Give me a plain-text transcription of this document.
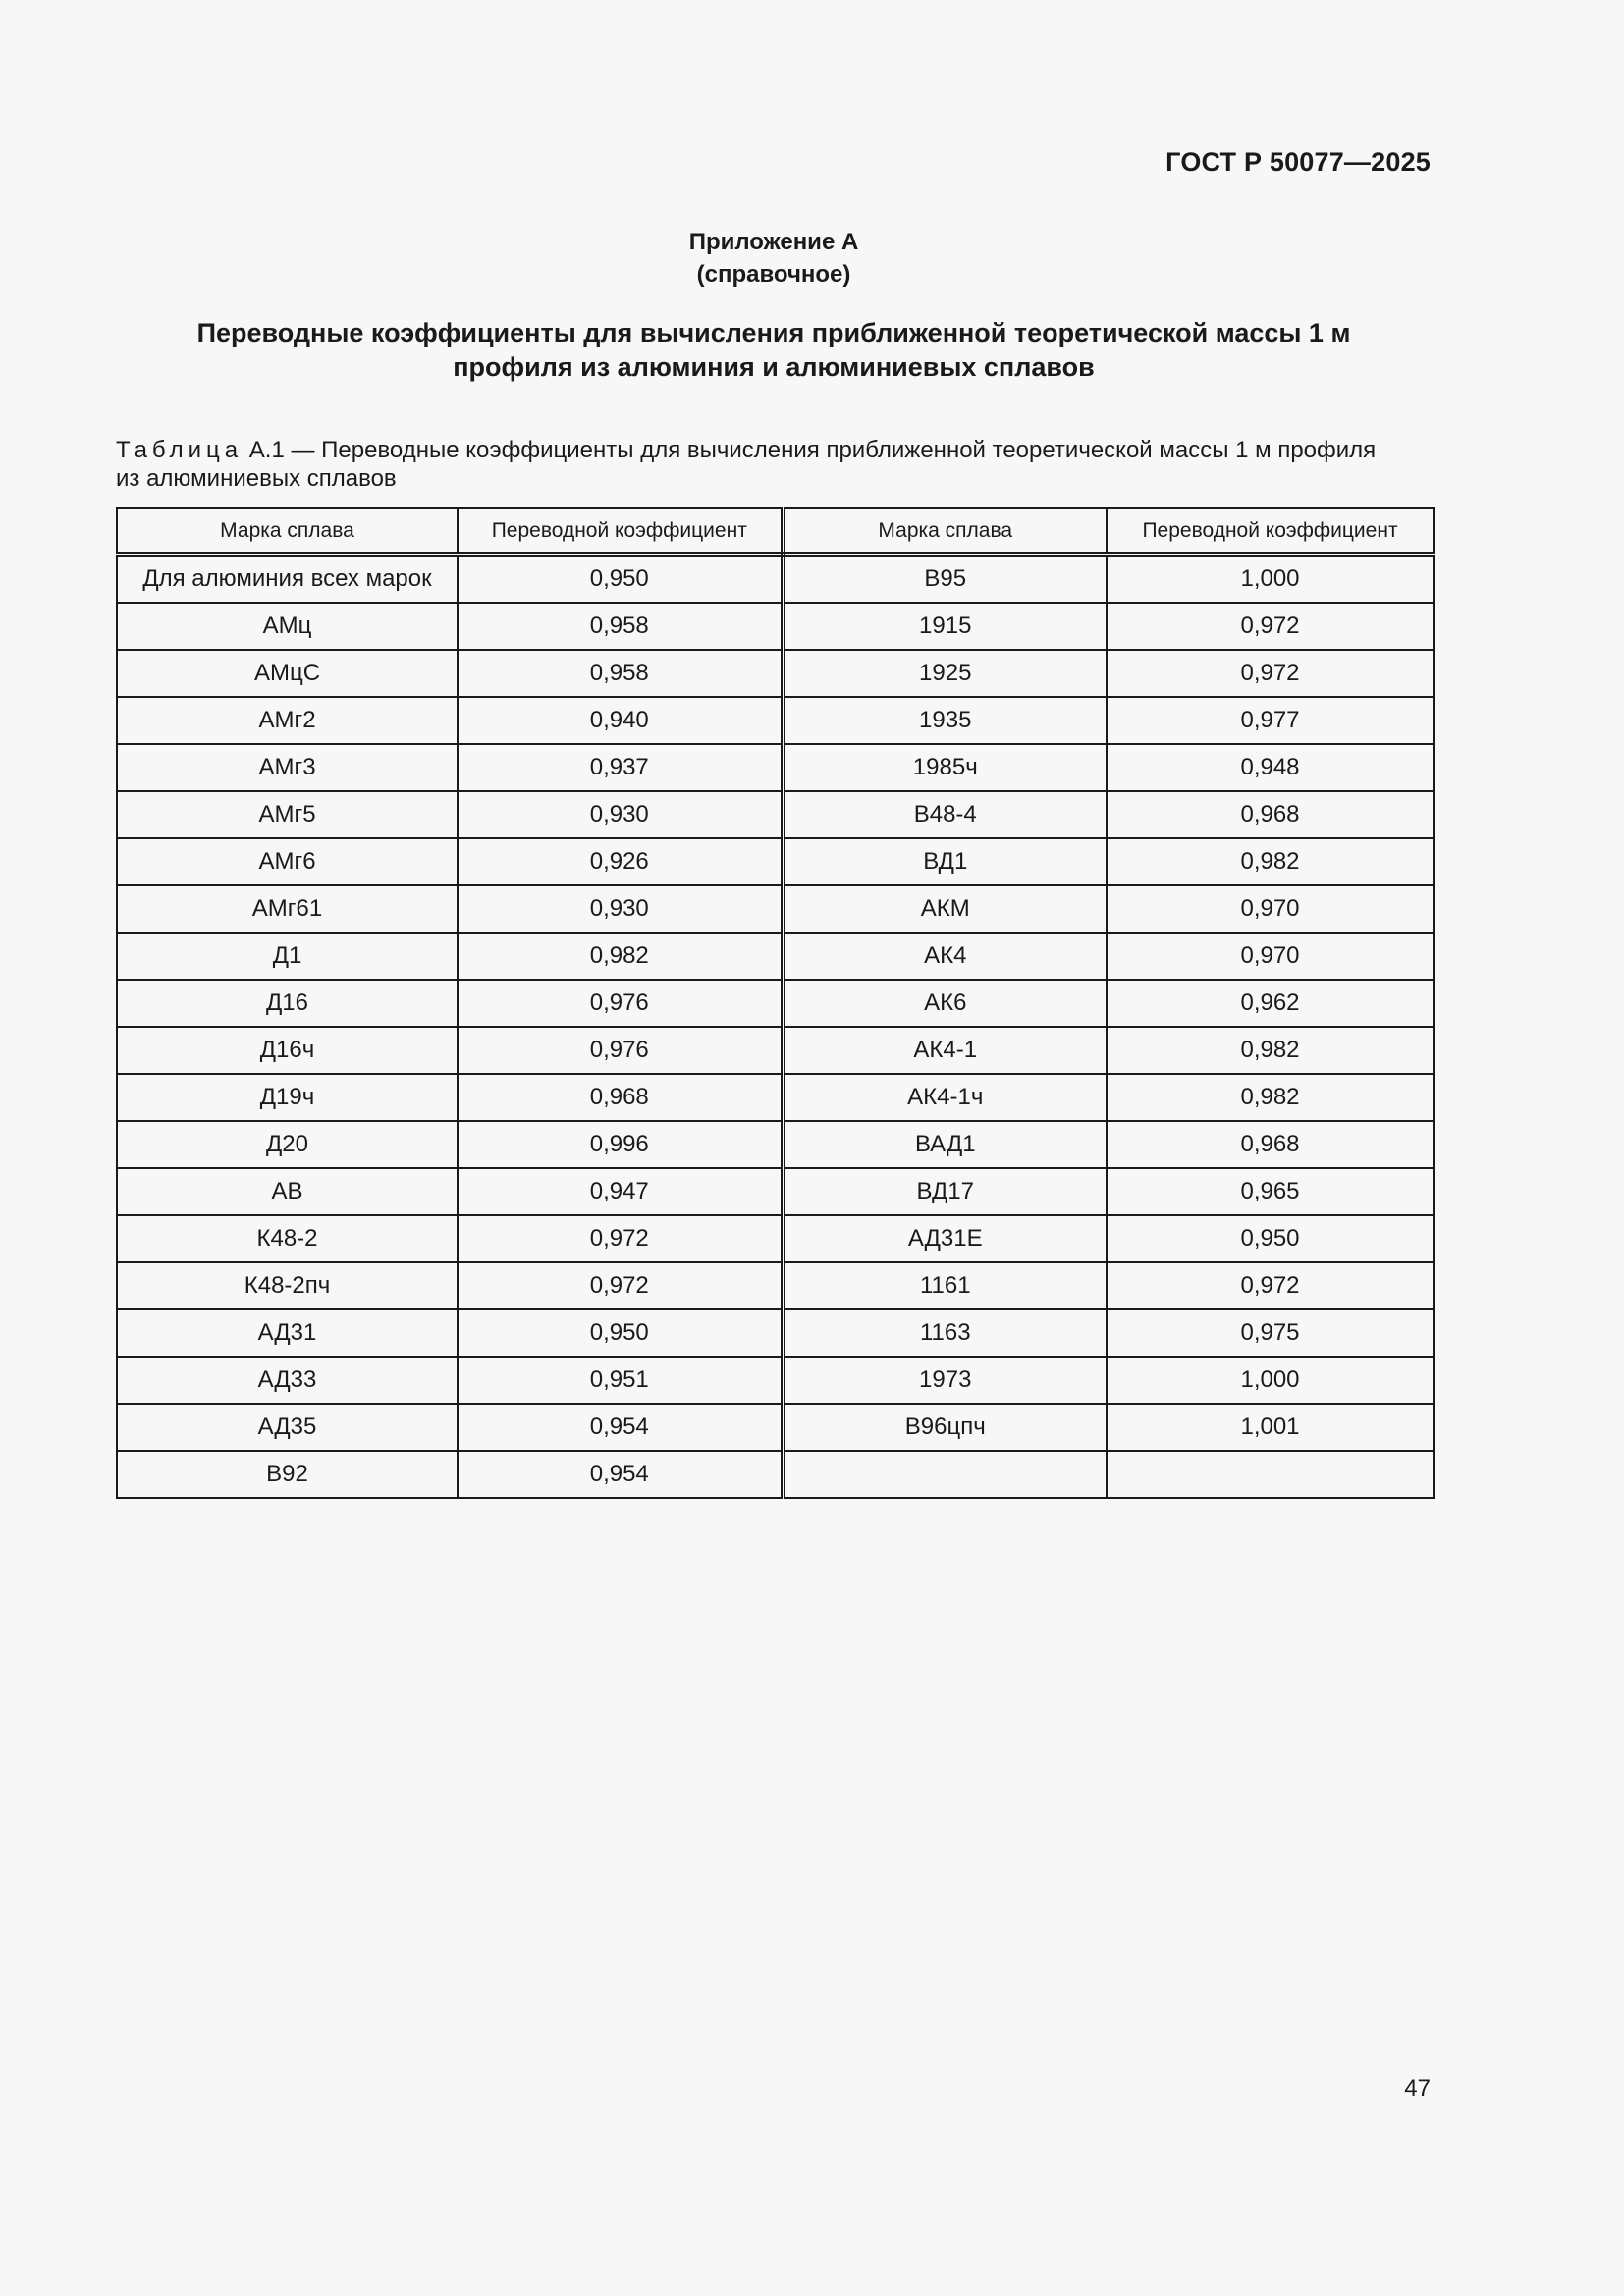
ГОСТ Р 50077—2025
Приложение А
(справочное)
Переводные коэффициенты для вычисления приближенной теоретической массы 1 м
профиля из алюминия и алюминиевых сплавов
Таблица А.1 — Переводные коэффициенты для вычисления приближенной теоретической массы 1 м профиля
из алюминиевых сплавов
Марка сплава	Переводной коэффициент	Марка сплава	Переводной коэффициент
Для алюминия всех марок	0,950	В95	1,000
АМц	0,958	1915	0,972
АМцС	0,958	1925	0,972
АМг2	0,940	1935	0,977
АМг3	0,937	1985ч	0,948
АМг5	0,930	В48-4	0,968
АМг6	0,926	ВД1	0,982
АМг61	0,930	АКМ	0,970
Д1	0,982	АК4	0,970
Д16	0,976	АК6	0,962
Д16ч	0,976	АК4-1	0,982
Д19ч	0,968	АК4-1ч	0,982
Д20	0,996	ВАД1	0,968
АВ	0,947	ВД17	0,965
К48-2	0,972	АД31Е	0,950
К48-2пч	0,972	1161	0,972
АД31	0,950	1163	0,975
АД33	0,951	1973	1,000
АД35	0,954	В96цпч	1,001
В92	0,954		
47
